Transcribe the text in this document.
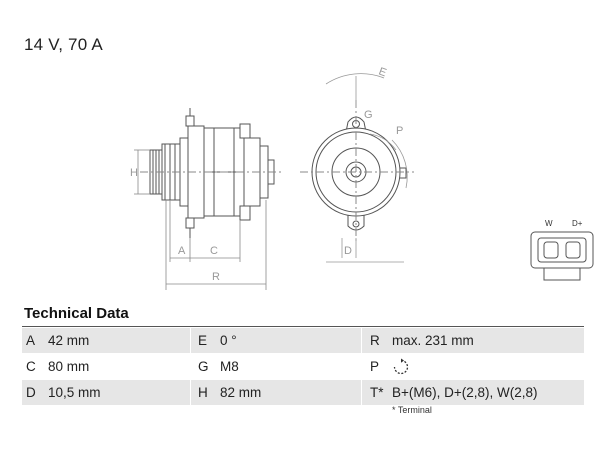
14 V, 70 A
A C
R
H
E
G
P
D
W D+
Technical Data
A 42 mm	E 0 °	R max. 231 mm
C 80 mm	G M8	P
D 10,5 mm	H 82 mm	T* B+(M6), D+(2,8), W(2,8)
* Terminal
